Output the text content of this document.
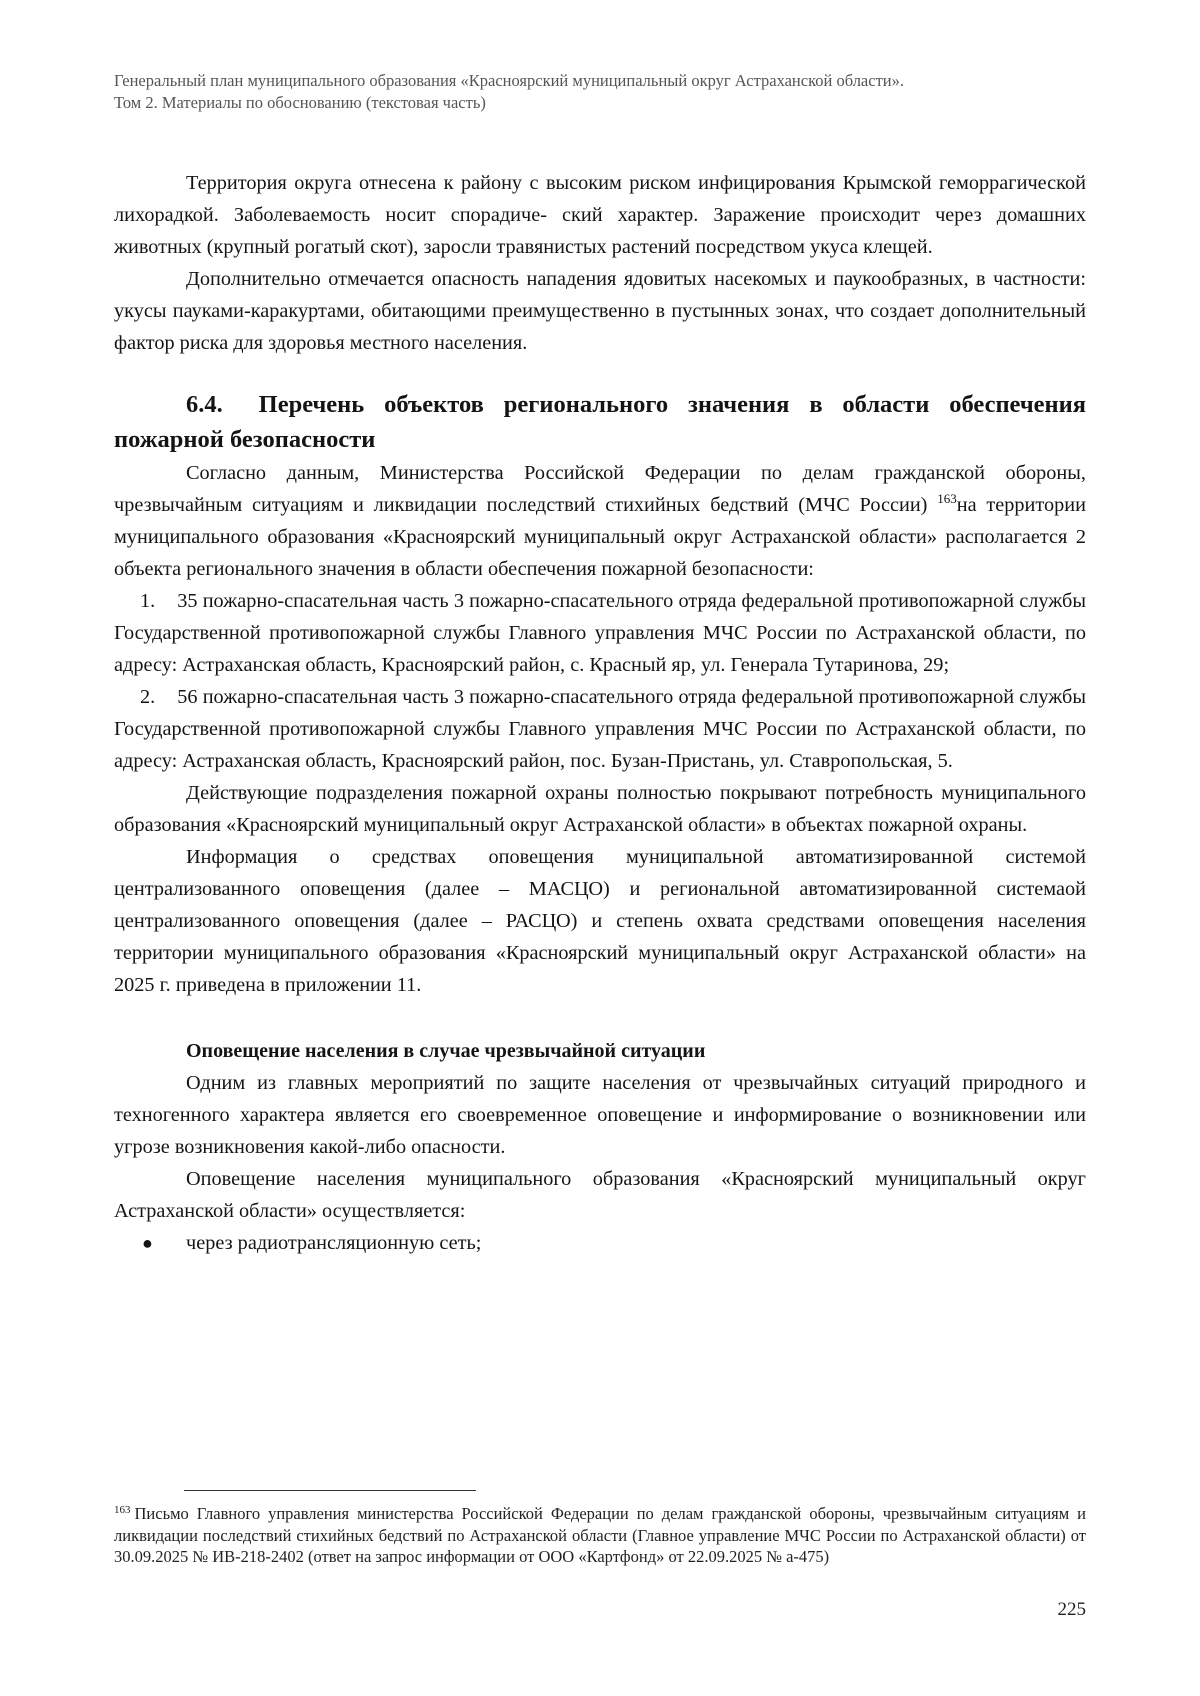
Генеральный план муниципального образования «Красноярский муниципальный округ Астраханской области».
Том 2. Материалы по обоснованию (текстовая часть)

Территория округа отнесена к району с высоким риском инфицирования Крымской геморрагической лихорадкой. Заболеваемость носит спорадиче- ский характер. Заражение происходит через домашних животных (крупный рогатый скот), заросли травянистых растений посредством укуса клещей.

Дополнительно отмечается опасность нападения ядовитых насекомых и паукообразных, в частности: укусы пауками-каракуртами, обитающими преимущественно в пустынных зонах, что создает дополнительный фактор риска для здоровья местного населения.

6.4. Перечень объектов регионального значения в области обеспечения пожарной безопасности

Согласно данным, Министерства Российской Федерации по делам гражданской обороны, чрезвычайным ситуациям и ликвидации последствий стихийных бедствий (МЧС России) $^{163}$на территории муниципального образования «Красноярский муниципальный округ Астраханской области» располагается 2 объекта регионального значения в области обеспечения пожарной безопасности:

1. 35 пожарно-спасательная часть 3 пожарно-спасательного отряда федеральной противопожарной службы Государственной противопожарной службы Главного управления МЧС России по Астраханской области, по адресу: Астраханская область, Красноярский район, с. Красный яр, ул. Генерала Тутаринова, 29;
2. 56 пожарно-спасательная часть 3 пожарно-спасательного отряда федеральной противопожарной службы Государственной противопожарной службы Главного управления МЧС России по Астраханской области, по адресу: Астраханская область, Красноярский район, пос. Бузан-Пристань, ул. Ставропольская, 5.

Действующие подразделения пожарной охраны полностью покрывают потребность муниципального образования «Красноярский муниципальный округ Астраханской области» в объектах пожарной охраны.

Информация о средствах оповещения муниципальной автоматизированной системой централизованного оповещения (далее – МАСЦО) и региональной автоматизированной системаой централизованного оповещения (далее – РАСЦО) и степень охвата средствами оповещения населения территории муниципального образования «Красноярский муниципальный округ Астраханской области» на 2025 г. приведена в приложении 11.

Оповещение населения в случае чрезвычайной ситуации

Одним из главных мероприятий по защите населения от чрезвычайных ситуаций природного и техногенного характера является его своевременное оповещение и информирование о возникновении или угрозе возникновения какой-либо опасности.

Оповещение населения муниципального образования «Красноярский муниципальный округ Астраханской области» осуществляется:

● через радиотрансляционную сеть;
$^{163}$ Письмо Главного управления министерства Российской Федерации по делам гражданской обороны, чрезвычайным ситуациям и ликвидации последствий стихийных бедствий по Астраханской области (Главное управление МЧС России по Астраханской области) от 30.09.2025 № ИВ-218-2402 (ответ на запрос информации от ООО «Картфонд» от 22.09.2025 № а-475)
225
